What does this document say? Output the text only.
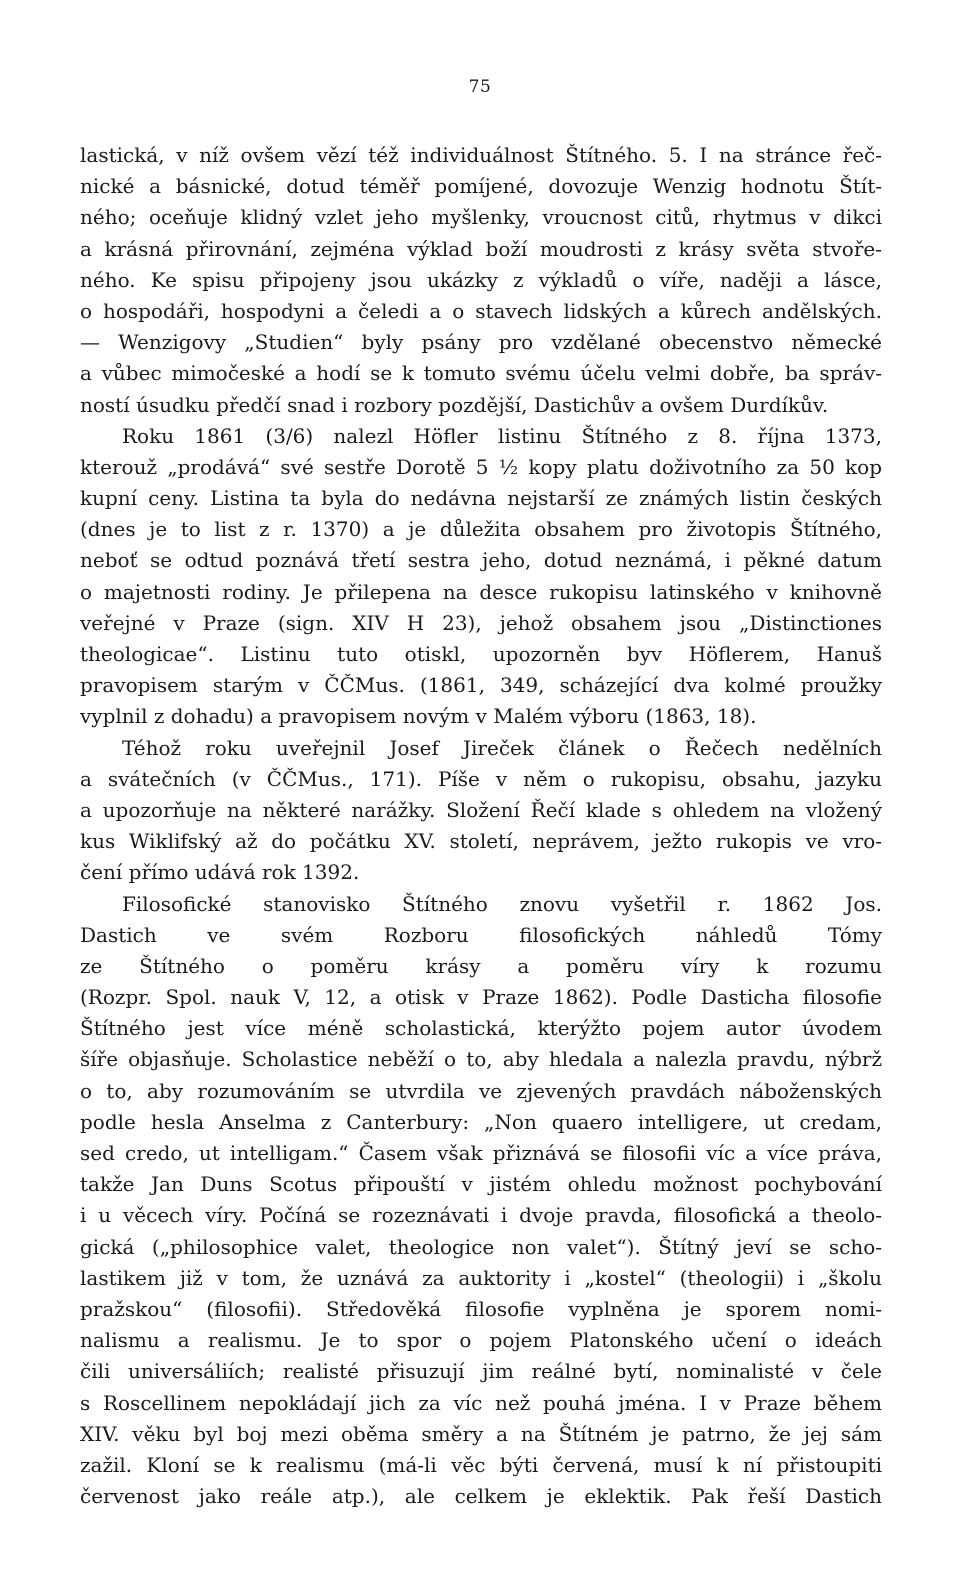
75
lastická, v níž ovšem vězí též individuálnost Štítného. 5. I na stránce řeč-
nické a básnické, dotud téměř pomíjené, dovozuje Wenzig hodnotu Štít-
ného; oceňuje klidný vzlet jeho myšlenky, vroucnost citů, rhytmus v dikci
a krásná přirovnání, zejména výklad boží moudrosti z krásy světa stvoře-
ného. Ke spisu připojeny jsou ukázky z výkladů o víře, naději a lásce,
o hospodáři, hospodyni a čeledi a o stavech lidských a kůrech andělských.
— Wenzigovy „Studien“ byly psány pro vzdělané obecenstvo německé
a vůbec mimočeské a hodí se k tomuto svému účelu velmi dobře, ba správ-
ností úsudku předčí snad i rozbory pozdější, Dastichův a ovšem Durdíkův.
Roku 1861 (3/6) nalezl Höfler listinu Štítného z 8. října 1373,
kterouž „prodává“ své sestře Dorotě 5 ½ kopy platu doživotního za 50 kop
kupní ceny. Listina ta byla do nedávna nejstarší ze známých listin českých
(dnes je to list z r. 1370) a je důležita obsahem pro životopis Štítného,
neboť se odtud poznává třetí sestra jeho, dotud neznámá, i pěkné datum
o majetnosti rodiny. Je přilepena na desce rukopisu latinského v knihovně
veřejné v Praze (sign. XIV H 23), jehož obsahem jsou „Distinctiones
theologicae“. Listinu tuto otiskl, upozorněn byv Höflerem, Hanuš
pravopisem starým v ČČMus. (1861, 349, scházející dva kolmé proužky
vyplnil z dohadu) a pravopisem novým v Malém výboru (1863, 18).
Téhož roku uveřejnil Josef Jireček článek o Řečech nedělních
a svátečních (v ČČMus., 171). Píše v něm o rukopisu, obsahu, jazyku
a upozorňuje na některé narážky. Složení Řečí klade s ohledem na vložený
kus Wiklifský až do počátku XV. století, neprávem, ježto rukopis ve vro-
čení přímo udává rok 1392.
Filosofické stanovisko Štítného znovu vyšetřil r. 1862 Jos.
Dastich ve svém Rozboru filosofických náhledů Tómy
ze Štítného o poměru krásy a poměru víry k rozumu
(Rozpr. Spol. nauk V, 12, a otisk v Praze 1862). Podle Dasticha filosofie
Štítného jest více méně scholastická, kterýžto pojem autor úvodem
šíře objasňuje. Scholastice neběží o to, aby hledala a nalezla pravdu, nýbrž
o to, aby rozumováním se utvrdila ve zjevených pravdách náboženských
podle hesla Anselma z Canterbury: „Non quaero intelligere, ut credam,
sed credo, ut intelligam.“ Časem však přiznává se filosofii víc a více práva,
takže Jan Duns Scotus připouští v jistém ohledu možnost pochybování
i u věcech víry. Počíná se rozeznávati i dvoje pravda, filosofická a theolo-
gická („philosophice valet, theologice non valet“). Štítný jeví se scho-
lastikem již v tom, že uznává za auktority i „kostel“ (theologii) i „školu
pražskou“ (filosofii). Středověká filosofie vyplněna je sporem nomi-
nalismu a realismu. Je to spor o pojem Platonského učení o ideách
čili universáliích; realisté přisuzují jim reálné bytí, nominalisté v čele
s Roscellinem nepokládají jich za víc než pouhá jména. I v Praze během
XIV. věku byl boj mezi oběma směry a na Štítném je patrno, že jej sám
zažil. Kloní se k realismu (má-li věc býti červená, musí k ní přistoupiti
červenost jako reále atp.), ale celkem je eklektik. Pak řeší Dastich
